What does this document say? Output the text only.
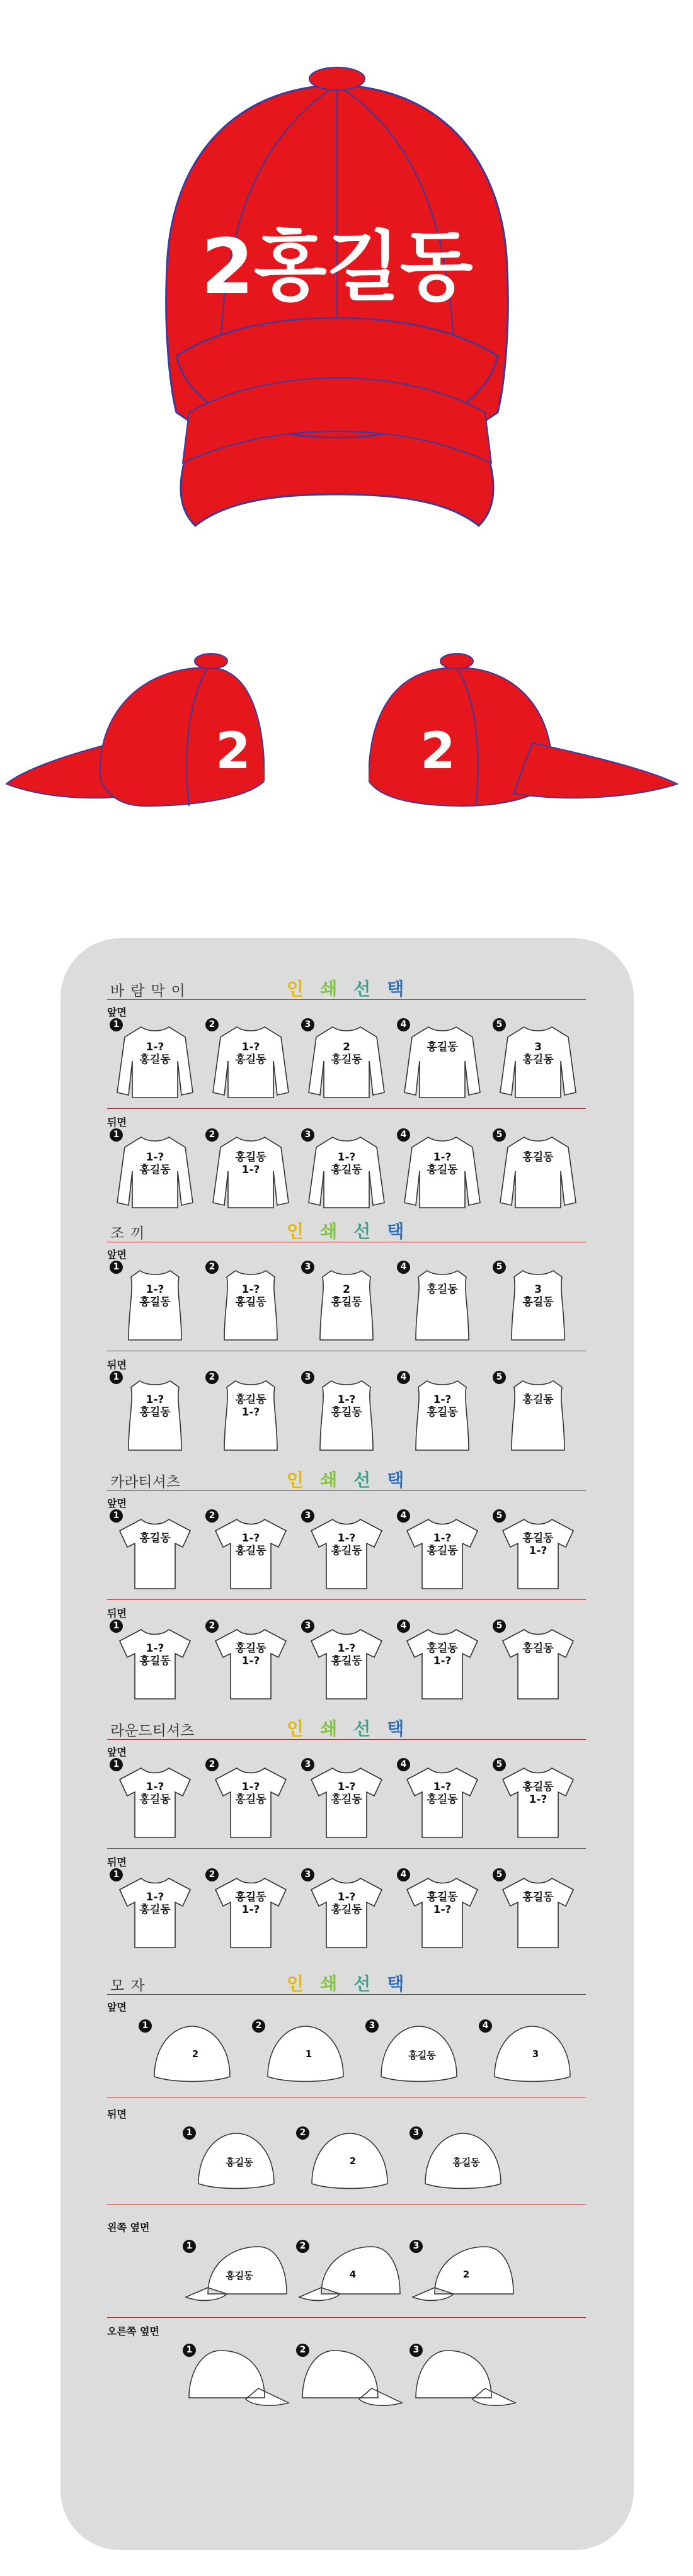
2홍길동
2	2
바람막이	인쇄선택
앞면
1
1-?
홍길동
2
1-?
홍길동
3
2
홍길동
4
홍길동
5
3
홍길동
뒤면
1
1-?
홍길동
2
홍길동
1-?
3
1-?
홍길동
4
1-?
홍길동
5
홍길동
조끼	인쇄선택
앞면
1
1-?
홍길동
2
1-?
홍길동
3
2
홍길동
4
홍길동
5
3
홍길동
뒤면
1
1-?
홍길동
2
홍길동
1-?
3
1-?
홍길동
4
1-?
홍길동
5
홍길동
카라티셔츠	인쇄선택
앞면
1
홍길동
2
1-?
홍길동
3
1-?
홍길동
4
1-?
홍길동
5
홍길동
1-?
뒤면
1
1-?
홍길동
2
홍길동
1-?
3
1-?
홍길동
4
홍길동
1-?
5
홍길동
라운드티셔츠	인쇄선택
앞면
1
1-?
홍길동
2
1-?
홍길동
3
1-?
홍길동
4
1-?
홍길동
5
홍길동
1-?
뒤면
1
1-?
홍길동
2
홍길동
1-?
3
1-?
홍길동
4
홍길동
1-?
5
홍길동
모자	인쇄선택
앞면
1
2
2
1
3
홍길동
4
3
뒤면
1
홍길동
2
2
3
홍길동
왼쪽 옆면
1
홍길동
2
4
3
2
오른쪽 옆면
1	2	3
